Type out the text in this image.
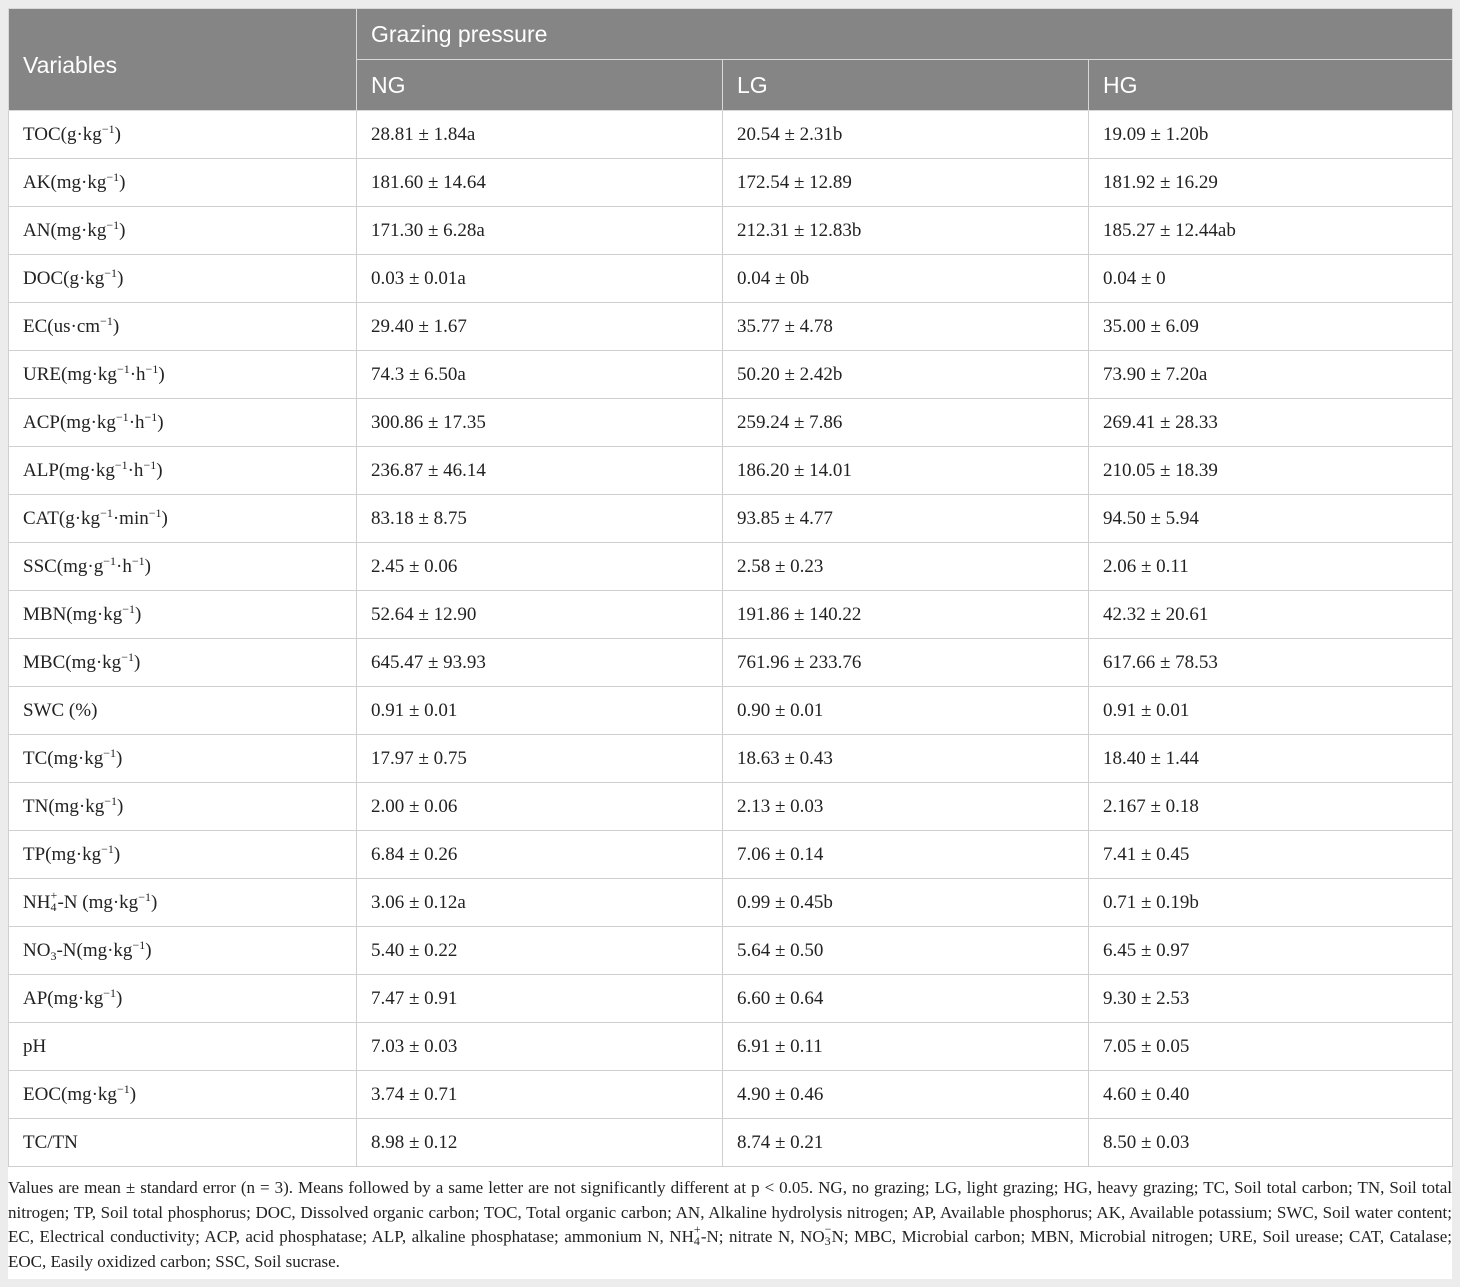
Variables	Grazing pressure		
	NG	LG	HG
$TOC(g\cdot kg^{-1})$	28.81 ± 1.84a	20.54 ± 2.31b	19.09 ± 1.20b
$AK(mg\cdot kg^{-1})$	181.60 ± 14.64	172.54 ± 12.89	181.92 ± 16.29
$AN(mg\cdot kg^{-1})$	171.30 ± 6.28a	212.31 ± 12.83b	185.27 ± 12.44ab
$DOC(g\cdot kg^{-1})$	0.03 ± 0.01a	0.04 ± 0b	0.04 ± 0
$EC(us\cdot cm^{-1})$	29.40 ± 1.67	35.77 ± 4.78	35.00 ± 6.09
$URE(mg\cdot kg^{-1}\cdot h^{-1})$	74.3 ± 6.50a	50.20 ± 2.42b	73.90 ± 7.20a
$ACP(mg\cdot kg^{-1}\cdot h^{-1})$	300.86 ± 17.35	259.24 ± 7.86	269.41 ± 28.33
$ALP(mg\cdot kg^{-1}\cdot h^{-1})$	236.87 ± 46.14	186.20 ± 14.01	210.05 ± 18.39
$CAT(g\cdot kg^{-1}\cdot\min^{-1})$	83.18 ± 8.75	93.85 ± 4.77	94.50 ± 5.94
$SSC(mg\cdot g^{-1}\cdot h^{-1})$	2.45 ± 0.06	2.58 ± 0.23	2.06 ± 0.11
$MBN(mg\cdot kg^{-1})$	52.64 ± 12.90	191.86 ± 140.22	42.32 ± 20.61
$MBC(mg\cdot kg^{-1})$	645.47 ± 93.93	761.96 ± 233.76	617.66 ± 78.53
SWC (%)	0.91 ± 0.01	0.90 ± 0.01	0.91 ± 0.01
$TC(mg\cdot kg^{-1})$	17.97 ± 0.75	18.63 ± 0.43	18.40 ± 1.44
$TN(mg\cdot kg^{-1})$	2.00 ± 0.06	2.13 ± 0.03	2.167 ± 0.18
$TP(mg\cdot kg^{-1})$	6.84 ± 0.26	7.06 ± 0.14	7.41 ± 0.45
NH +
4 -N $(mg\cdot kg^{-1})$	3.06 ± 0.12a	0.99 ± 0.45b	0.71 ± 0.19b
$NO_3-N(mg\cdot kg^{-1})$	5.40 ± 0.22	5.64 ± 0.50	6.45 ± 0.97
$AP(mg\cdot kg^{-1})$	7.47 ± 0.91	6.60 ± 0.64	9.30 ± 2.53
pH	7.03 ± 0.03	6.91 ± 0.11	7.05 ± 0.05
$EOC(mg\cdot kg^{-1})$	3.74 ± 0.71	4.90 ± 0.46	4.60 ± 0.40
TC/TN	8.98 ± 0.12	8.74 ± 0.21	8.50 ± 0.03
Values are mean ± standard error (n = 3). Means followed by a same letter are not significantly different at p < 0.05. NG, no grazing; LG, light grazing; HG, heavy grazing; TC, Soil total carbon; TN, Soil total nitrogen; TP, Soil total phosphorus; DOC, Dissolved organic carbon; TOC, Total organic carbon; AN, Alkaline hydrolysis nitrogen; AP, Available phosphorus; AK, Available potassium; SWC, Soil water content; EC, Electrical conductivity; ACP, acid phosphatase; ALP, alkaline phosphatase; ammonium N, NH +
4 -N; nitrate N, NO −
3 N; MBC, Microbial carbon; MBN, Microbial nitrogen; URE, Soil urease; CAT, Catalase; EOC, Easily oxidized carbon; SSC, Soil sucrase.
